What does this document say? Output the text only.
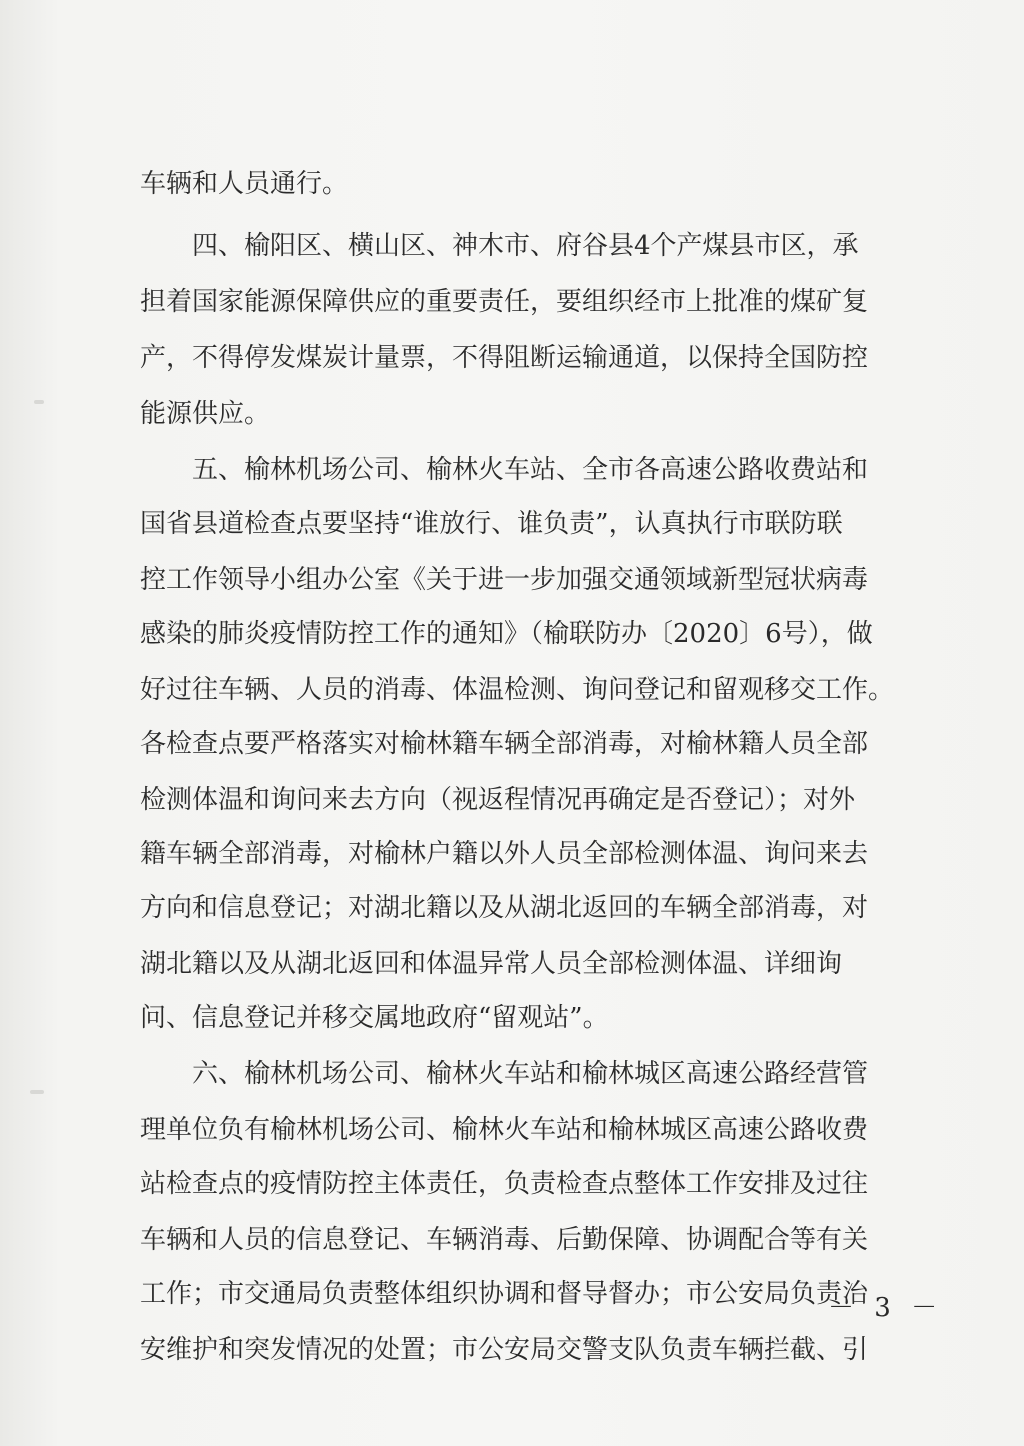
车辆和人员通行。
四、榆阳区、横山区、神木市、府谷县4个产煤县市区，承
担着国家能源保障供应的重要责任，要组织经市上批准的煤矿复
产，不得停发煤炭计量票，不得阻断运输通道，以保持全国防控
能源供应。
五、榆林机场公司、榆林火车站、全市各高速公路收费站和
国省县道检查点要坚持“谁放行、谁负责”，认真执行市联防联
控工作领导小组办公室《关于进一步加强交通领域新型冠状病毒
感染的肺炎疫情防控工作的通知》（榆联防办〔2020〕6号），做
好过往车辆、人员的消毒、体温检测、询问登记和留观移交工作。
各检查点要严格落实对榆林籍车辆全部消毒，对榆林籍人员全部
检测体温和询问来去方向（视返程情况再确定是否登记）；对外
籍车辆全部消毒，对榆林户籍以外人员全部检测体温、询问来去
方向和信息登记；对湖北籍以及从湖北返回的车辆全部消毒，对
湖北籍以及从湖北返回和体温异常人员全部检测体温、详细询
问、信息登记并移交属地政府“留观站”。
六、榆林机场公司、榆林火车站和榆林城区高速公路经营管
理单位负有榆林机场公司、榆林火车站和榆林城区高速公路收费
站检查点的疫情防控主体责任，负责检查点整体工作安排及过往
车辆和人员的信息登记、车辆消毒、后勤保障、协调配合等有关
工作；市交通局负责整体组织协调和督导督办；市公安局负责治
安维护和突发情况的处置；市公安局交警支队负责车辆拦截、引
－ 3 －
